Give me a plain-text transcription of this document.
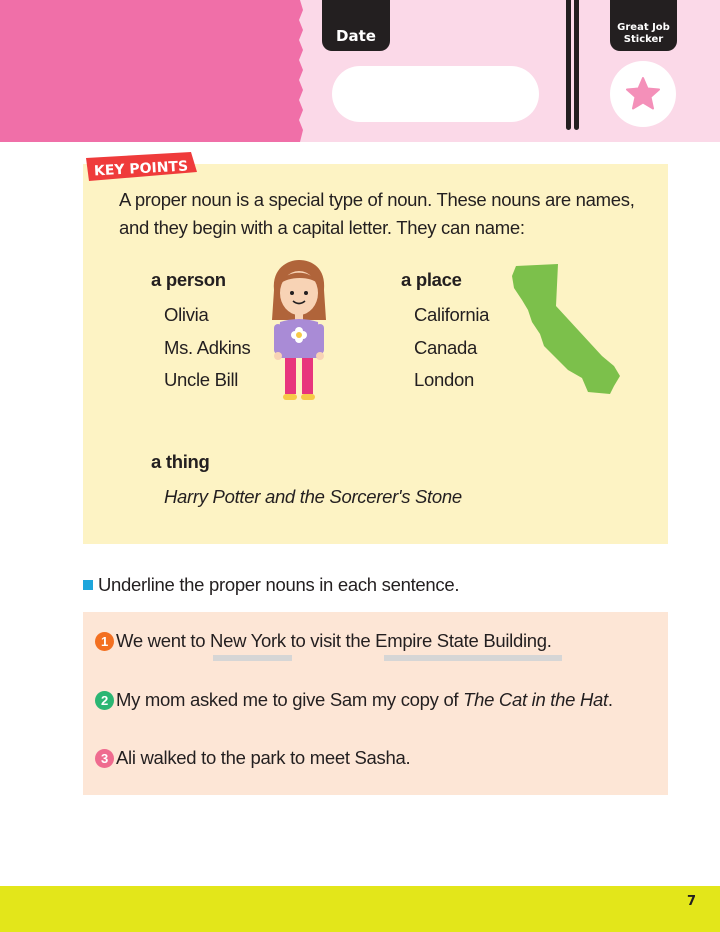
Date	Great Job
Sticker
KEY POINTS
A proper noun is a special type of noun. These nouns are names,
and they begin with a capital letter. They can name:
a person
Olivia
Ms. Adkins
Uncle Bill
a place
California
Canada
London
a thing
Harry Potter and the Sorcerer's Stone
Underline the proper nouns in each sentence.
1 We went to New York to visit the Empire State Building.
2 My mom asked me to give Sam my copy of The Cat in the Hat .
3 Ali walked to the park to meet Sasha.
7
